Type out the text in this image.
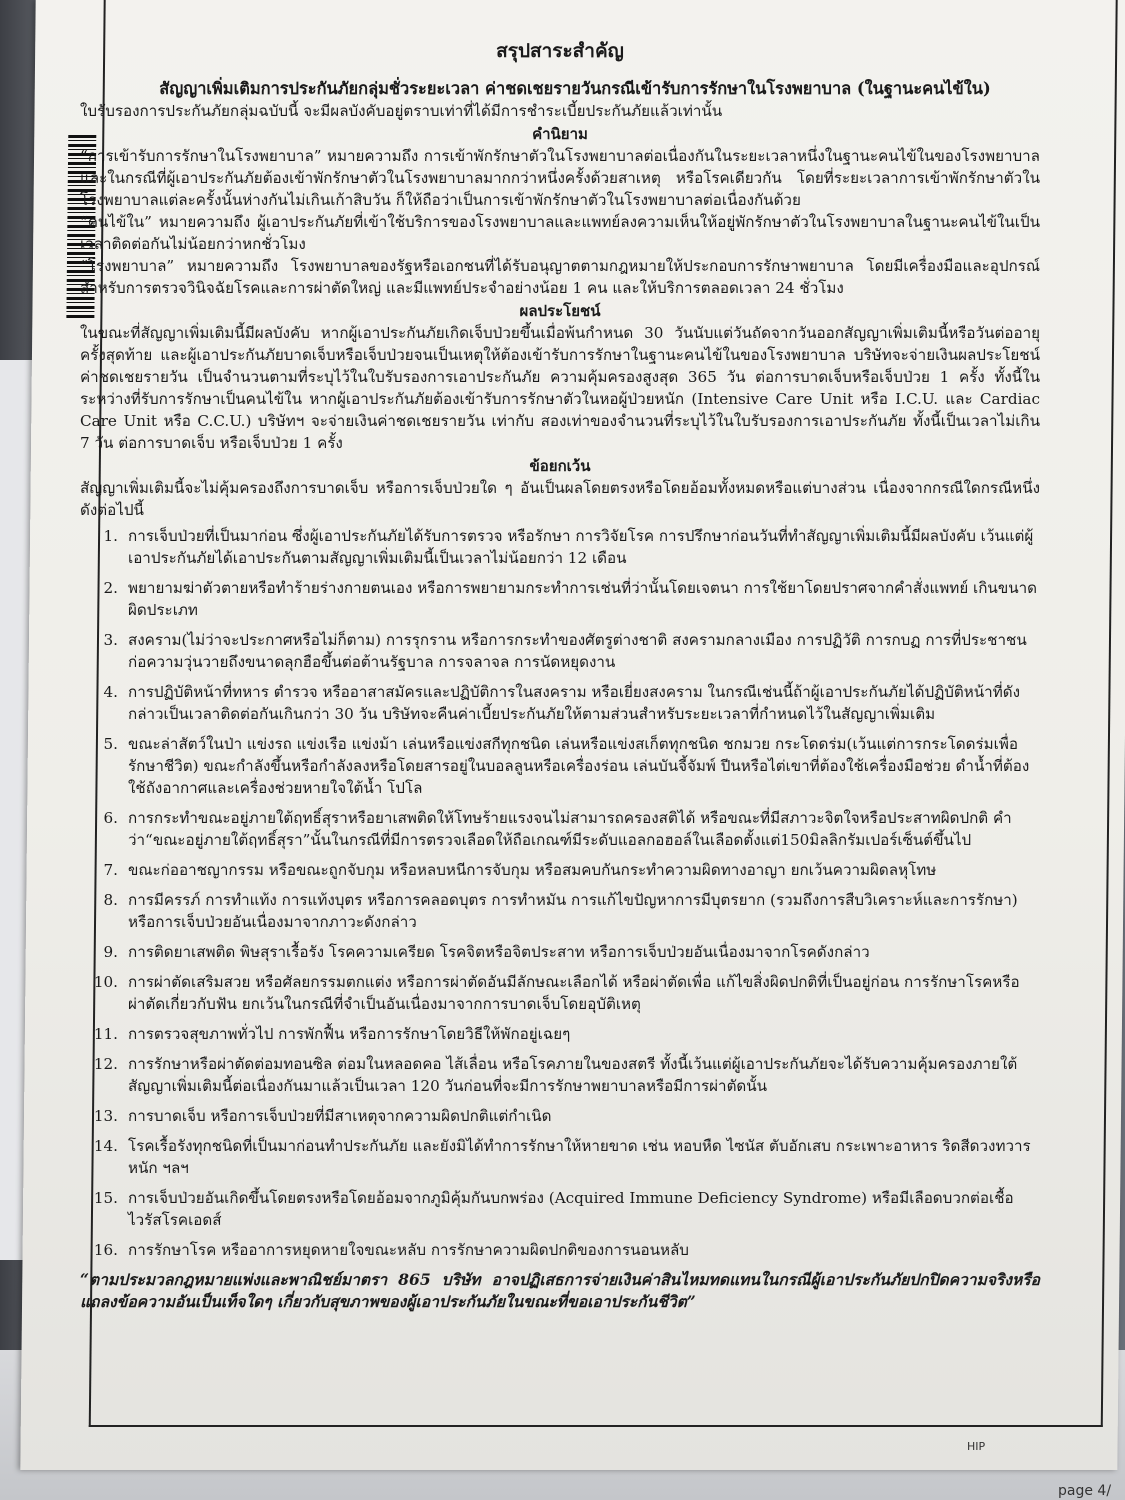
สรุปสาระสำคัญ
สัญญาเพิ่มเติมการประกันภัยกลุ่มชั่วระยะเวลา ค่าชดเชยรายวันกรณีเข้ารับการรักษาในโรงพยาบาล (ในฐานะคนไข้ใน)

ใบรับรองการประกันภัยกลุ่มฉบับนี้ จะมีผลบังคับอยู่ตราบเท่าที่ได้มีการชำระเบี้ยประกันภัยแล้วเท่านั้น

คำนิยาม

“การเข้ารับการรักษาในโรงพยาบาล” หมายความถึง การเข้าพักรักษาตัวในโรงพยาบาลต่อเนื่องกันในระยะเวลาหนึ่งในฐานะคนไข้ในของโรงพยาบาล และในกรณีที่ผู้เอาประกันภัยต้องเข้าพักรักษาตัวในโรงพยาบาลมากกว่าหนึ่งครั้งด้วยสาเหตุ หรือโรคเดียวกัน โดยที่ระยะเวลาการเข้าพักรักษาตัวในโรงพยาบาลแต่ละครั้งนั้นห่างกันไม่เกินเก้าสิบวัน ก็ให้ถือว่าเป็นการเข้าพักรักษาตัวในโรงพยาบาลต่อเนื่องกันด้วย

“คนไข้ใน” หมายความถึง ผู้เอาประกันภัยที่เข้าใช้บริการของโรงพยาบาลและแพทย์ลงความเห็นให้อยู่พักรักษาตัวในโรงพยาบาลในฐานะคนไข้ในเป็นเวลาติดต่อกันไม่น้อยกว่าหกชั่วโมง

“โรงพยาบาล” หมายความถึง โรงพยาบาลของรัฐหรือเอกชนที่ได้รับอนุญาตตามกฎหมายให้ประกอบการรักษาพยาบาล โดยมีเครื่องมือและอุปกรณ์สำหรับการตรวจวินิจฉัยโรคและการผ่าตัดใหญ่ และมีแพทย์ประจำอย่างน้อย 1 คน และให้บริการตลอดเวลา 24 ชั่วโมง

ผลประโยชน์

ในขณะที่สัญญาเพิ่มเติมนี้มีผลบังคับ หากผู้เอาประกันภัยเกิดเจ็บป่วยขึ้นเมื่อพ้นกำหนด 30 วันนับแต่วันถัดจากวันออกสัญญาเพิ่มเติมนี้หรือวันต่ออายุครั้งสุดท้าย และผู้เอาประกันภัยบาดเจ็บหรือเจ็บป่วยจนเป็นเหตุให้ต้องเข้ารับการรักษาในฐานะคนไข้ในของโรงพยาบาล บริษัทจะจ่ายเงินผลประโยชน์ค่าชดเชยรายวัน เป็นจำนวนตามที่ระบุไว้ในใบรับรองการเอาประกันภัย ความคุ้มครองสูงสุด 365 วัน ต่อการบาดเจ็บหรือเจ็บป่วย 1 ครั้ง ทั้งนี้ในระหว่างที่รับการรักษาเป็นคนไข้ใน หากผู้เอาประกันภัยต้องเข้ารับการรักษาตัวในหอผู้ป่วยหนัก (Intensive Care Unit หรือ I.C.U. และ Cardiac Care Unit หรือ C.C.U.) บริษัทฯ จะจ่ายเงินค่าชดเชยรายวัน เท่ากับ สองเท่าของจำนวนที่ระบุไว้ในใบรับรองการเอาประกันภัย ทั้งนี้เป็นเวลาไม่เกิน 7 วัน ต่อการบาดเจ็บ หรือเจ็บป่วย 1 ครั้ง

ข้อยกเว้น

สัญญาเพิ่มเติมนี้จะไม่คุ้มครองถึงการบาดเจ็บ หรือการเจ็บป่วยใด ๆ อันเป็นผลโดยตรงหรือโดยอ้อมทั้งหมดหรือแต่บางส่วน เนื่องจากกรณีใดกรณีหนึ่งดังต่อไปนี้

1. การเจ็บป่วยที่เป็นมาก่อน ซึ่งผู้เอาประกันภัยได้รับการตรวจ หรือรักษา การวิจัยโรค การปรึกษาก่อนวันที่ทำสัญญาเพิ่มเติมนี้มีผลบังคับ เว้นแต่ผู้เอาประกันภัยได้เอาประกันตามสัญญาเพิ่มเติมนี้เป็นเวลาไม่น้อยกว่า 12 เดือน
2. พยายามฆ่าตัวตายหรือทำร้ายร่างกายตนเอง หรือการพยายามกระทำการเช่นที่ว่านั้นโดยเจตนา การใช้ยาโดยปราศจากคำสั่งแพทย์ เกินขนาด ผิดประเภท
3. สงคราม(ไม่ว่าจะประกาศหรือไม่ก็ตาม) การรุกราน หรือการกระทำของศัตรูต่างชาติ สงครามกลางเมือง การปฏิวัติ การกบฏ การที่ประชาชนก่อความวุ่นวายถึงขนาดลุกฮือขึ้นต่อต้านรัฐบาล การจลาจล การนัดหยุดงาน
4. การปฏิบัติหน้าที่ทหาร ตำรวจ หรืออาสาสมัครและปฏิบัติการในสงคราม หรือเยี่ยงสงคราม ในกรณีเช่นนี้ถ้าผู้เอาประกันภัยได้ปฏิบัติหน้าที่ดังกล่าวเป็นเวลาติดต่อกันเกินกว่า 30 วัน บริษัทจะคืนค่าเบี้ยประกันภัยให้ตามส่วนสำหรับระยะเวลาที่กำหนดไว้ในสัญญาเพิ่มเติม
5. ขณะล่าสัตว์ในป่า แข่งรถ แข่งเรือ แข่งม้า เล่นหรือแข่งสกีทุกชนิด เล่นหรือแข่งสเก็ตทุกชนิด ชกมวย กระโดดร่ม(เว้นแต่การกระโดดร่มเพื่อรักษาชีวิต) ขณะกำลังขึ้นหรือกำลังลงหรือโดยสารอยู่ในบอลลูนหรือเครื่องร่อน เล่นบันจี้จัมพ์ ปีนหรือไต่เขาที่ต้องใช้เครื่องมือช่วย ดำน้ำที่ต้องใช้ถังอากาศและเครื่องช่วยหายใจใต้น้ำ โปโล
6. การกระทำขณะอยู่ภายใต้ฤทธิ์สุราหรือยาเสพติดให้โทษร้ายแรงจนไม่สามารถครองสติได้ หรือขณะที่มีสภาวะจิตใจหรือประสาทผิดปกติ คำว่า“ขณะอยู่ภายใต้ฤทธิ์สุรา”นั้นในกรณีที่มีการตรวจเลือดให้ถือเกณฑ์มีระดับแอลกอฮอล์ในเลือดตั้งแต่150มิลลิกรัมเปอร์เซ็นต์ขึ้นไป
7. ขณะก่ออาชญากรรม หรือขณะถูกจับกุม หรือหลบหนีการจับกุม หรือสมคบกันกระทำความผิดทางอาญา ยกเว้นความผิดลหุโทษ
8. การมีครรภ์ การทำแท้ง การแท้งบุตร หรือการคลอดบุตร การทำหมัน การแก้ไขปัญหาการมีบุตรยาก (รวมถึงการสืบวิเคราะห์และการรักษา) หรือการเจ็บป่วยอันเนื่องมาจากภาวะดังกล่าว
9. การติดยาเสพติด พิษสุราเรื้อรัง โรคความเครียด โรคจิตหรือจิตประสาท หรือการเจ็บป่วยอันเนื่องมาจากโรคดังกล่าว
10. การผ่าตัดเสริมสวย หรือศัลยกรรมตกแต่ง หรือการผ่าตัดอันมีลักษณะเลือกได้ หรือผ่าตัดเพื่อ แก้ไขสิ่งผิดปกติที่เป็นอยู่ก่อน การรักษาโรคหรือผ่าตัดเกี่ยวกับฟัน ยกเว้นในกรณีที่จำเป็นอันเนื่องมาจากการบาดเจ็บโดยอุบัติเหตุ
11. การตรวจสุขภาพทั่วไป การพักฟื้น หรือการรักษาโดยวิธีให้พักอยู่เฉยๆ
12. การรักษาหรือผ่าตัดต่อมทอนซิล ต่อมในหลอดคอ ไส้เลื่อน หรือโรคภายในของสตรี ทั้งนี้เว้นแต่ผู้เอาประกันภัยจะได้รับความคุ้มครองภายใต้สัญญาเพิ่มเติมนี้ต่อเนื่องกันมาแล้วเป็นเวลา 120 วันก่อนที่จะมีการรักษาพยาบาลหรือมีการผ่าตัดนั้น
13. การบาดเจ็บ หรือการเจ็บป่วยที่มีสาเหตุจากความผิดปกติแต่กำเนิด
14. โรคเรื้อรังทุกชนิดที่เป็นมาก่อนทำประกันภัย และยังมิได้ทำการรักษาให้หายขาด เช่น หอบหืด ไซนัส ตับอักเสบ กระเพาะอาหาร ริดสีดวงทวารหนัก ฯลฯ
15. การเจ็บป่วยอันเกิดขึ้นโดยตรงหรือโดยอ้อมจากภูมิคุ้มกันบกพร่อง (Acquired Immune Deficiency Syndrome) หรือมีเลือดบวกต่อเชื้อไวรัสโรคเอดส์
16. การรักษาโรค หรืออาการหยุดหายใจขณะหลับ การรักษาความผิดปกติของการนอนหลับ

“ตามประมวลกฎหมายแพ่งและพาณิชย์มาตรา 865 บริษัท อาจปฏิเสธการจ่ายเงินค่าสินไหมทดแทนในกรณีผู้เอาประกันภัยปกปิดความจริงหรือแถลงข้อความอันเป็นเท็จใดๆ เกี่ยวกับสุขภาพของผู้เอาประกันภัยในขณะที่ขอเอาประกันชีวิต”

HIP
page 4/
